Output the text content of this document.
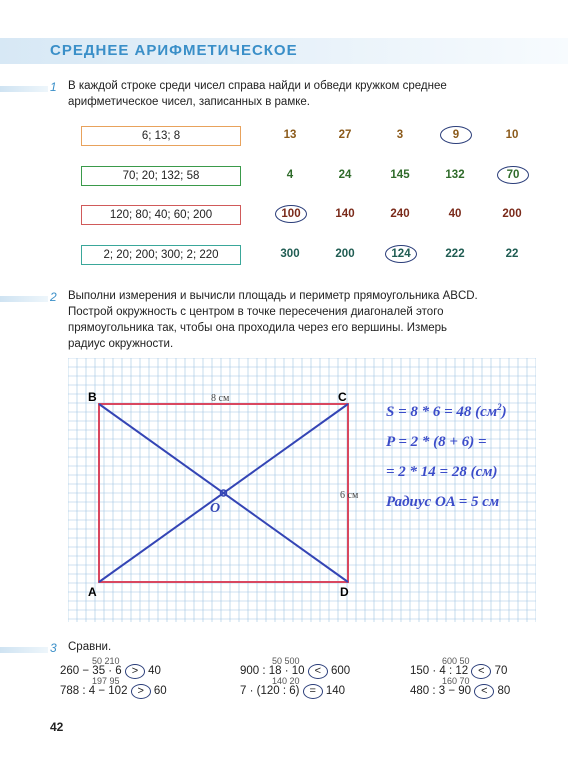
СРЕДНЕЕ АРИФМЕТИЧЕСКОЕ
1 В каждой строке среди чисел справа найди и обведи кружком среднее
арифметическое чисел, записанных в рамке.
6; 13; 8	13	27	3	9	10
70; 20; 132; 58	4	24	145	132	70
120; 80; 40; 60; 200	100	140	240	40	200
2; 20; 200; 300; 2; 220	300	200	124	222	22
2 Выполни измерения и вычисли площадь и периметр прямоугольника ABCD.
Построй окружность с центром в точке пересечения диагоналей этого
прямоугольника так, чтобы она проходила через его вершины. Измерь
радиус окружности.
B	C
A	D
O
8 см
6 см
S = 8 * 6 = 48 $(см^2)$
P = 2 * (8 + 6) =
= 2 * 14 = 28 (см)
Радиус OA = 5 см
3 Сравни.
50 210
260 − 35 · 6 > 40
50 500
900 : 18 · 10 < 600
600 50
150 · 4 : 12 < 70
197 95
788 : 4 − 102 > 60
140 20
7 · (120 : 6) = 140
160 70
480 : 3 − 90 < 80
42
